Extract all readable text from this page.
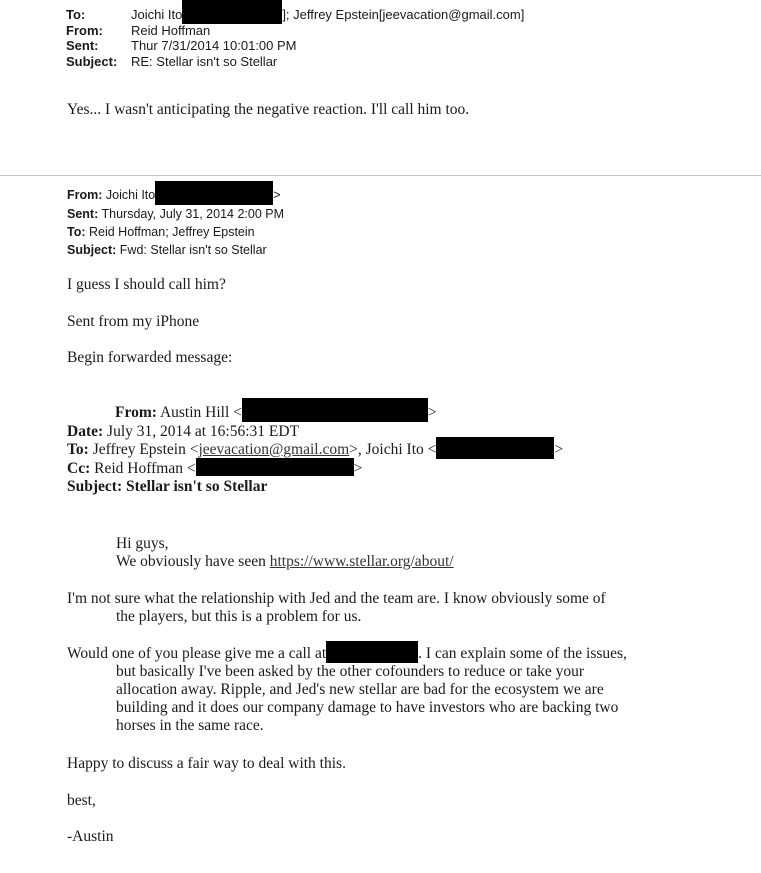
To:	Joichi Ito	]; Jeffrey Epstein[jeevacation@gmail.com]
From: Reid Hoffman
Sent:	Thur 7/31/2014 10:01:00 PM
Subject: RE: Stellar isn't so Stellar
Yes... I wasn't anticipating the negative reaction. I'll call him too.
From: Joichi Ito	>
Sent: Thursday, July 31, 2014 2:00 PM
To: Reid Hoffman; Jeffrey Epstein
Subject: Fwd: Stellar isn't so Stellar
I guess I should call him?
Sent from my iPhone
Begin forwarded message:
From: Austin Hill <	>
Date: July 31, 2014 at 16:56:31 EDT
To: Jeffrey Epstein <jeevacation@gmail.com>, Joichi Ito <	>
Cc: Reid Hoffman <	>
Subject: Stellar isn't so Stellar
Hi guys,
We obviously have seen https://www.stellar.org/about/
I'm not sure what the relationship with Jed and the team are. I know obviously some of
the players, but this is a problem for us.
Would one of you please give me a call at	. I can explain some of the issues,
but basically I've been asked by the other cofounders to reduce or take your
allocation away. Ripple, and Jed's new stellar are bad for the ecosystem we are
building and it does our company damage to have investors who are backing two
horses in the same race.
Happy to discuss a fair way to deal with this.
best,
-Austin
